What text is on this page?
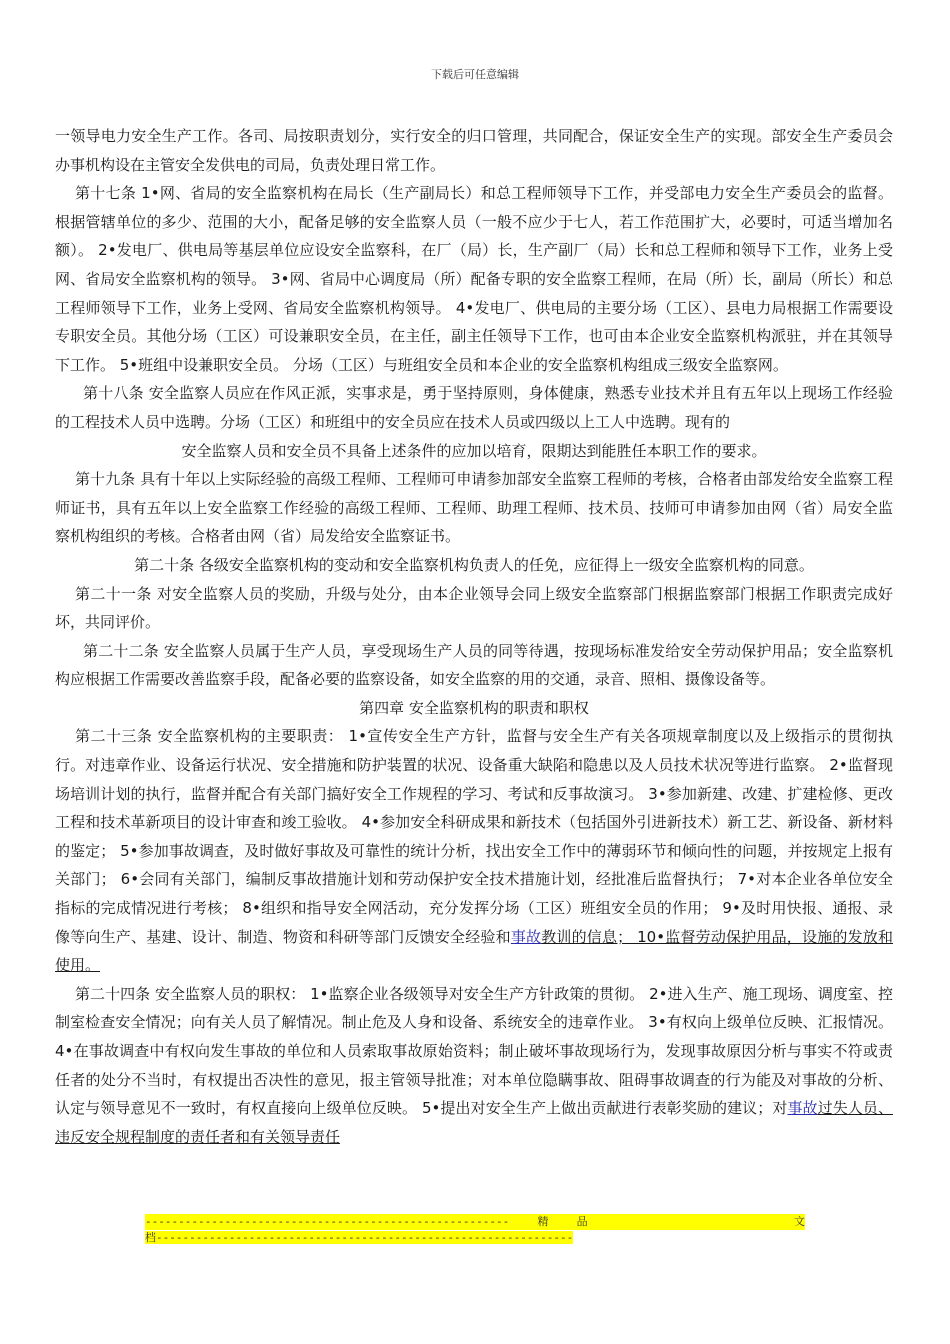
下载后可任意编辑

一领导电力安全生产工作。各司、局按职责划分，实行安全的归口管理，共同配合，保证安全生产的实现。部安全生产委员会办事机构设在主管安全发供电的司局，负责处理日常工作。

第十七条 1•网、省局的安全监察机构在局长（生产副局长）和总工程师领导下工作，并受部电力安全生产委员会的监督。根据管辖单位的多少、范围的大小，配备足够的安全监察人员（一般不应少于七人，若工作范围扩大，必要时，可适当增加名额）。 2•发电厂、供电局等基层单位应设安全监察科，在厂（局）长，生产副厂（局）长和总工程师和领导下工作，业务上受网、省局安全监察机构的领导。 3•网、省局中心调度局（所）配备专职的安全监察工程师，在局（所）长，副局（所长）和总工程师领导下工作，业务上受网、省局安全监察机构领导。 4•发电厂、供电局的主要分场（工区）、县电力局根据工作需要设专职安全员。其他分场（工区）可设兼职安全员，在主任，副主任领导下工作，也可由本企业安全监察机构派驻，并在其领导下工作。 5•班组中设兼职安全员。 分场（工区）与班组安全员和本企业的安全监察机构组成三级安全监察网。

第十八条 安全监察人员应在作风正派，实事求是，勇于坚持原则，身体健康，熟悉专业技术并且有五年以上现场工作经验的工程技术人员中选聘。分场（工区）和班组中的安全员应在技术人员或四级以上工人中选聘。现有的

安全监察人员和安全员不具备上述条件的应加以培育，限期达到能胜任本职工作的要求。

第十九条 具有十年以上实际经验的高级工程师、工程师可申请参加部安全监察工程师的考核，合格者由部发给安全监察工程师证书，具有五年以上安全监察工作经验的高级工程师、工程师、助理工程师、技术员、技师可申请参加由网（省）局安全监察机构组织的考核。合格者由网（省）局发给安全监察证书。

第二十条 各级安全监察机构的变动和安全监察机构负责人的任免，应征得上一级安全监察机构的同意。

第二十一条 对安全监察人员的奖励，升级与处分，由本企业领导会同上级安全监察部门根据监察部门根据工作职责完成好坏，共同评价。

第二十二条 安全监察人员属于生产人员，享受现场生产人员的同等待遇，按现场标准发给安全劳动保护用品；安全监察机构应根据工作需要改善监察手段，配备必要的监察设备，如安全监察的用的交通，录音、照相、摄像设备等。

第四章 安全监察机构的职责和职权

第二十三条 安全监察机构的主要职责： 1•宣传安全生产方针，监督与安全生产有关各项规章制度以及上级指示的贯彻执行。对违章作业、设备运行状况、安全措施和防护装置的状况、设备重大缺陷和隐患以及人员技术状况等进行监察。 2•监督现场培训计划的执行，监督并配合有关部门搞好安全工作规程的学习、考试和反事故演习。 3•参加新建、改建、扩建检修、更改工程和技术革新项目的设计审查和竣工验收。 4•参加安全科研成果和新技术（包括国外引进新技术）新工艺、新设备、新材料的鉴定； 5•参加事故调查，及时做好事故及可靠性的统计分析，找出安全工作中的薄弱环节和倾向性的问题，并按规定上报有关部门； 6•会同有关部门，编制反事故措施计划和劳动保护安全技术措施计划，经批准后监督执行； 7•对本企业各单位安全指标的完成情况进行考核； 8•组织和指导安全网活动，充分发挥分场（工区）班组安全员的作用； 9•及时用快报、通报、录像等向生产、基建、设计、制造、物资和科研等部门反馈安全经验和事故教训的信息； 10•监督劳动保护用品，设施的发放和使用。

第二十四条 安全监察人员的职权： 1•监察企业各级领导对安全生产方针政策的贯彻。 2•进入生产、施工现场、调度室、控制室检查安全情况；向有关人员了解情况。制止危及人身和设备、系统安全的违章作业。 3•有权向上级单位反映、汇报情况。 4•在事故调查中有权向发生事故的单位和人员索取事故原始资料；制止破坏事故现场行为，发现事故原因分析与事实不符或责任者的处分不当时，有权提出否决性的意见，报主管领导批准；对本单位隐瞒事故、阻碍事故调查的行为能及对事故的分析、认定与领导意见不一致时，有权直接向上级单位反映。 5•提出对安全生产上做出贡献进行表彰奖励的建议；对事故过失人员、违反安全规程制度的责任者和有关领导责任

-------------------------------------------------------	精	品	文
档---------------------------------------------------------------
